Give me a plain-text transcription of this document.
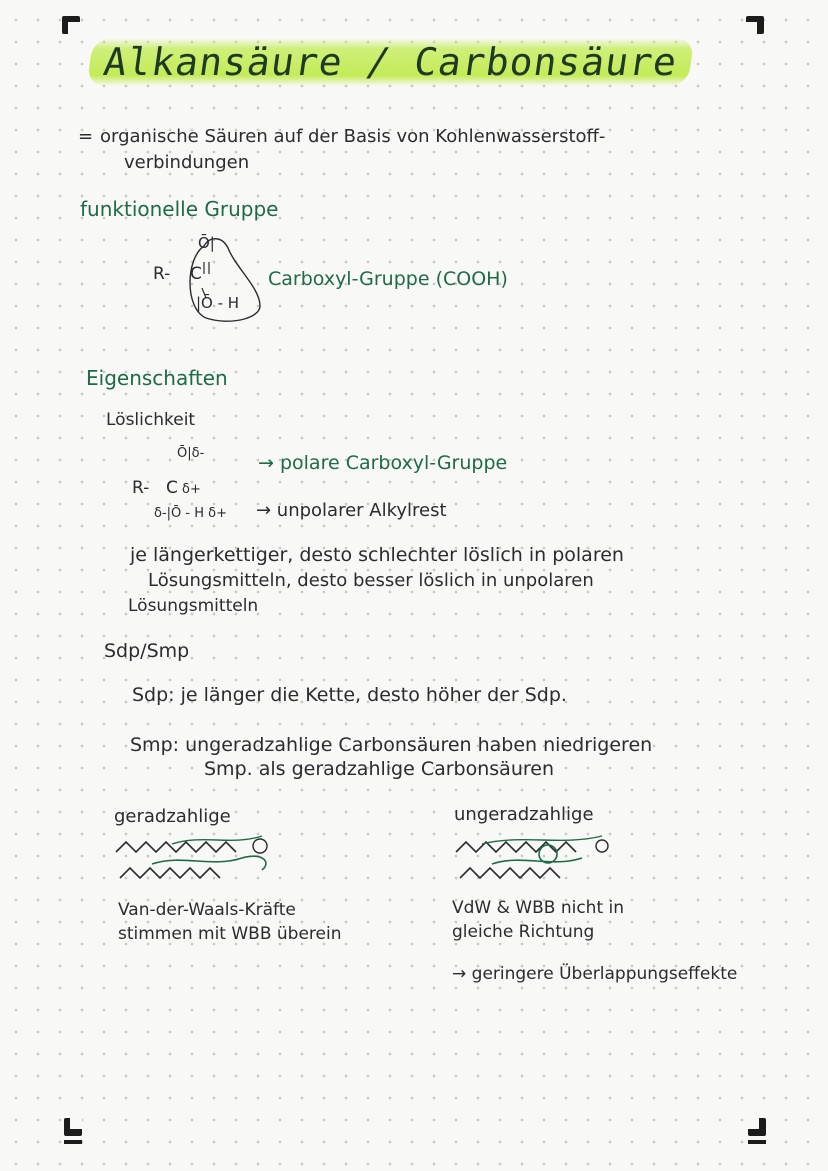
Alkansäure / Carbonsäure
= organische Säuren auf der Basis von Kohlenwasserstoff-
verbindungen
funktionelle Gruppe
Ō|
R- C
|Ō - H
Carboxyl-Gruppe (COOH)
Eigenschaften
Löslichkeit
Ō|δ-
R- C δ+
δ-|Ō - H δ+
→ polare Carboxyl-Gruppe
→ unpolarer Alkylrest
je längerkettiger, desto schlechter löslich in polaren
Lösungsmitteln, desto besser löslich in unpolaren
Lösungsmitteln
Sdp/Smp
Sdp: je länger die Kette, desto höher der Sdp.
Smp: ungeradzahlige Carbonsäuren haben niedrigeren
Smp. als geradzahlige Carbonsäuren
geradzahlige
Van-der-Waals-Kräfte
stimmen mit WBB überein
ungeradzahlige
VdW & WBB nicht in
gleiche Richtung
→ geringere Überlappungseffekte
